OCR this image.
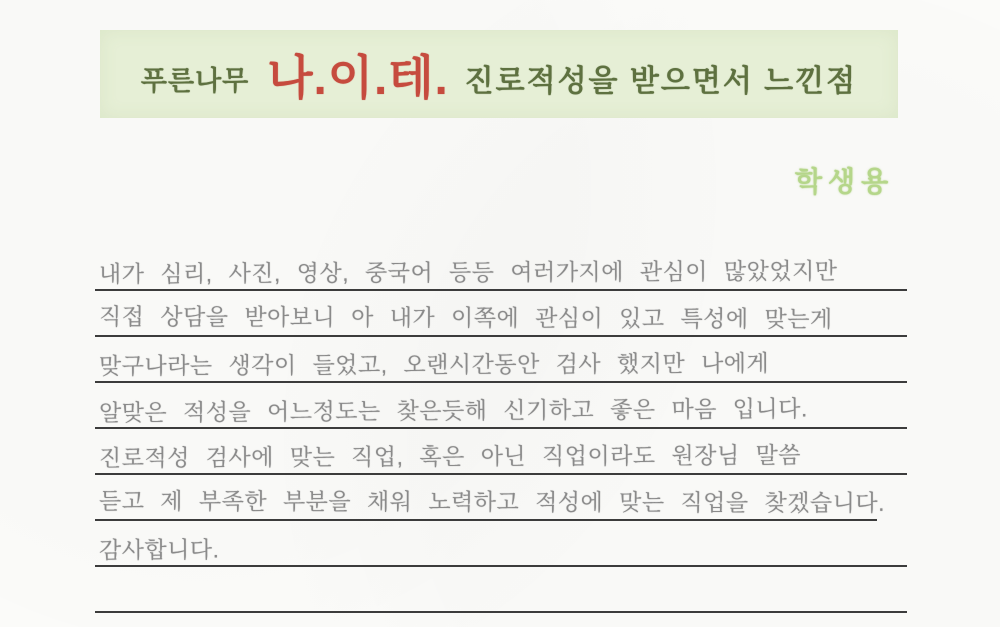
푸른나무 나.이.테. 진로적성을 받으면서 느낀점
학생용
내가 심리, 사진, 영상, 중국어 등등 여러가지에 관심이 많았었지만
직접 상담을 받아보니 아 내가 이쪽에 관심이 있고 특성에 맞는게
맞구나라는 생각이 들었고, 오랜시간동안 검사 했지만 나에게
알맞은 적성을 어느정도는 찾은듯해 신기하고 좋은 마음 입니다.
진로적성 검사에 맞는 직업, 혹은 아닌 직업이라도 원장님 말씀
듣고 제 부족한 부분을 채워 노력하고 적성에 맞는 직업을 찾겠습니다.
감사합니다.
